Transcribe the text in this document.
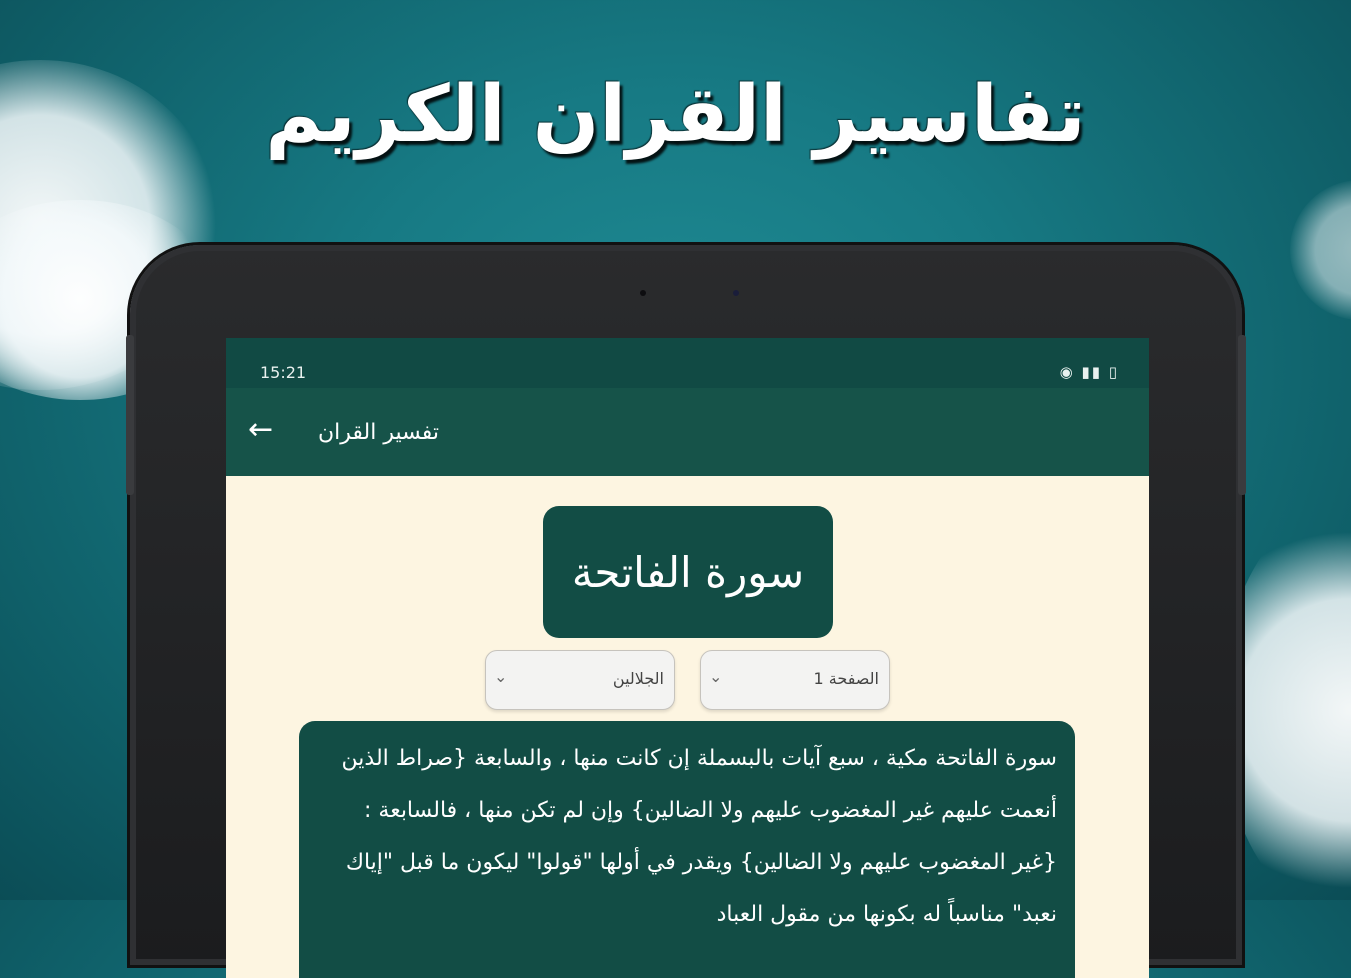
تفاسير القران الكريم
15:21	◉ ▮▮ ▯
← تفسير القران
سورة الفاتحة
⌄	الجلالين	⌄	الصفحة 1

سورة الفاتحة مكية ، سبع آيات بالبسملة إن كانت منها ، والسابعة {صراط الذين أنعمت عليهم غير المغضوب عليهم ولا الضالين} وإن لم تكن منها ، فالسابعة : {غير المغضوب عليهم ولا الضالين} ويقدر في أولها "قولوا" ليكون ما قبل "إياك نعبد" مناسباً له بكونها من مقول العباد
